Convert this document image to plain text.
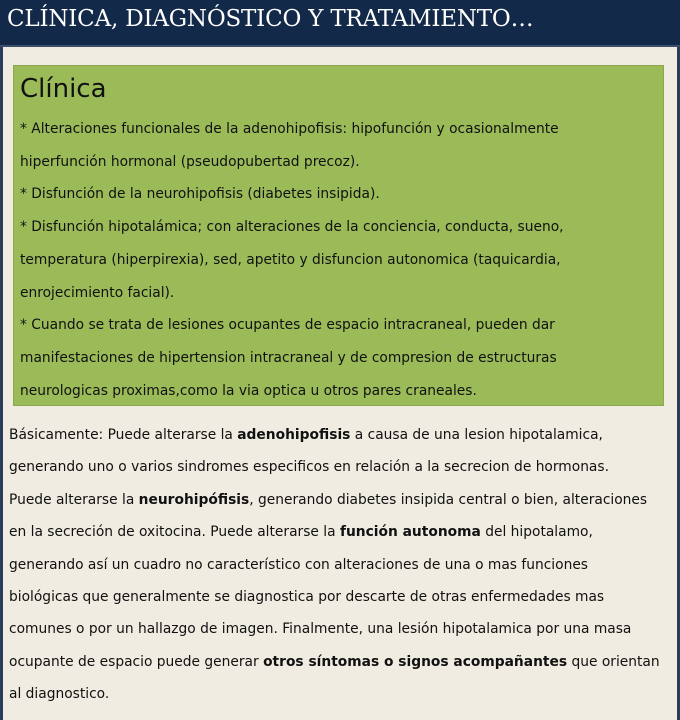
CLÍNICA, DIAGNÓSTICO Y TRATAMIENTO…
Clínica
* Alteraciones funcionales de la adenohipofisis: hipofunción y ocasionalmente
hiperfunción hormonal (pseudopubertad precoz).
* Disfunción de la neurohipofisis (diabetes insipida).
* Disfunción hipotalámica; con alteraciones de la conciencia, conducta, sueno,
temperatura (hiperpirexia), sed, apetito y disfuncion autonomica (taquicardia,
enrojecimiento facial).
* Cuando se trata de lesiones ocupantes de espacio intracraneal, pueden dar
manifestaciones de hipertension intracraneal y de compresion de estructuras
neurologicas proximas,como la via optica u otros pares craneales.
Básicamente: Puede alterarse la adenohipofisis a causa de una lesion hipotalamica,
generando uno o varios sindromes especificos en relación a la secrecion de hormonas.
Puede alterarse la neurohipófisis, generando diabetes insipida central o bien, alteraciones
en la secreción de oxitocina. Puede alterarse la función autonoma del hipotalamo,
generando así un cuadro no característico con alteraciones de una o mas funciones
biológicas que generalmente se diagnostica por descarte de otras enfermedades mas
comunes o por un hallazgo de imagen. Finalmente, una lesión hipotalamica por una masa
ocupante de espacio puede generar otros síntomas o signos acompañantes que orientan
al diagnostico.
